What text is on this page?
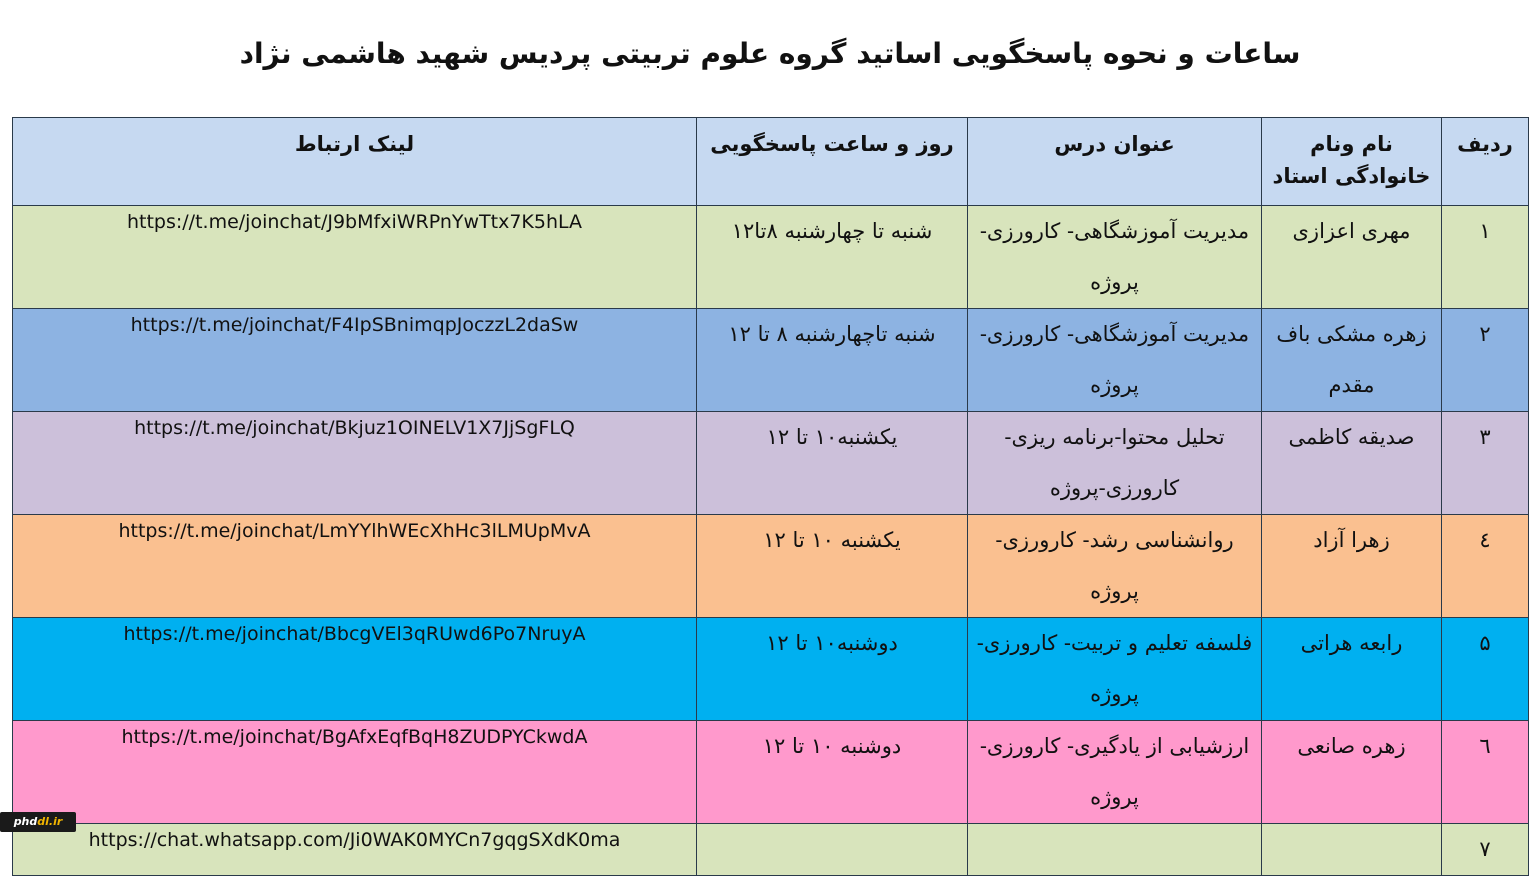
ساعات و نحوه پاسخگویی اساتید گروه علوم تربیتی پردیس شهید هاشمی نژاد
لینک ارتباط	روز و ساعت پاسخگویی	عنوان درس	نام ونام خانوادگی استاد	ردیف
https://t.me/joinchat/J9bMfxiWRPnYwTtx7K5hLA	شنبه تا چهارشنبه ۸تا۱۲	مدیریت آموزشگاهی- کارورزی-پروژه	مهری اعزازی	۱
https://t.me/joinchat/F4IpSBnimqpJoczzL2daSw	شنبه تاچهارشنبه ۸ تا ۱۲	مدیریت آموزشگاهی- کارورزی-پروژه	زهره مشکی باف مقدم	۲
https://t.me/joinchat/Bkjuz1OINELV1X7JjSgFLQ	یکشنبه۱۰ تا ۱۲	تحلیل محتوا-برنامه ریزی- کارورزی-پروژه	صدیقه کاظمی	۳
https://t.me/joinchat/LmYYlhWEcXhHc3lLMUpMvA	یکشنبه ۱۰ تا ۱۲	روانشناسی رشد- کارورزی- پروژه	زهرا آزاد	٤
https://t.me/joinchat/BbcgVEl3qRUwd6Po7NruyA	دوشنبه۱۰ تا ۱۲	فلسفه تعلیم و تربیت- کارورزی-پروژه	رابعه هراتی	۵
https://t.me/joinchat/BgAfxEqfBqH8ZUDPYCkwdA	دوشنبه ۱۰ تا ۱۲	ارزشیابی از یادگیری- کارورزی-پروژه	زهره صانعی	٦
https://chat.whatsapp.com/Ji0WAK0MYCn7gqgSXdK0ma				۷
phddl.ir
